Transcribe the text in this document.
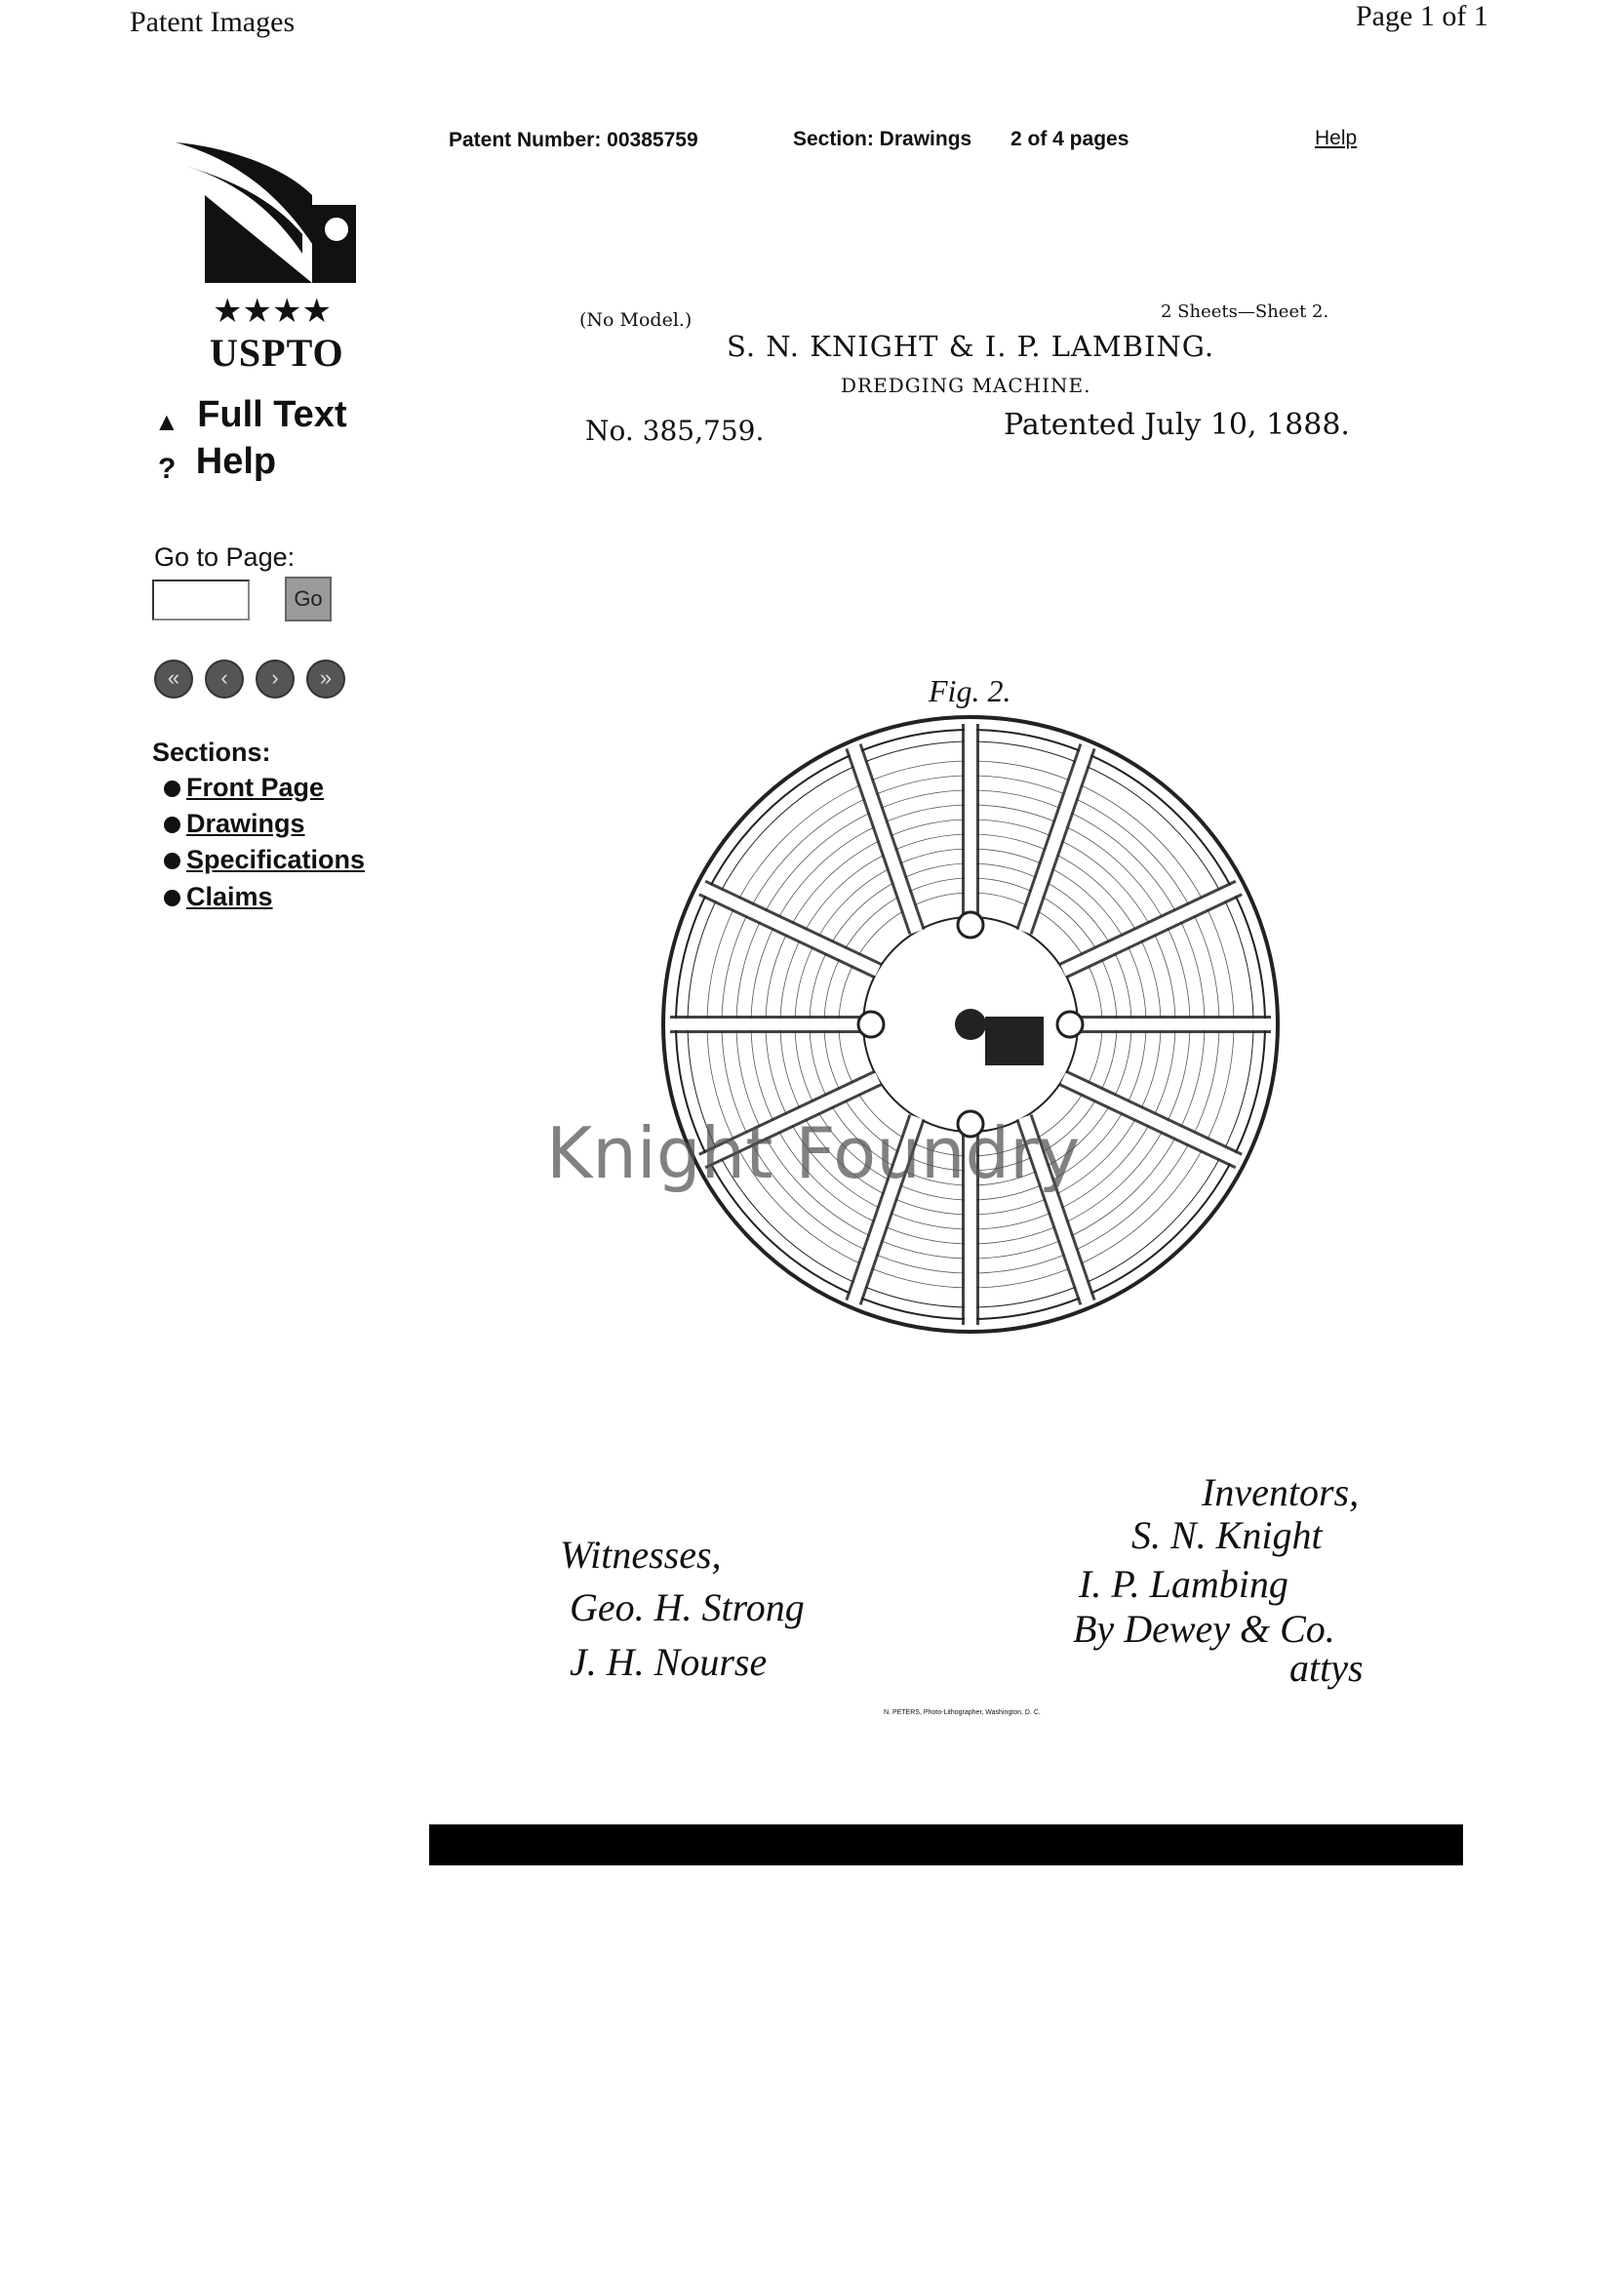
Patent Images	Page 1 of 1
Patent Number: 00385759	Section: Drawings 2 of 4 pages	Help
★★★★
USPTO
▲ Full Text
? Help
Go to Page:
Go
«	‹	›	»
Sections:
Front Page
Drawings
Specifications
Claims
(No Model.)	2 Sheets—Sheet 2.
S. N. KNIGHT & I. P. LAMBING.
DREDGING MACHINE.
No. 385,759.	Patented July 10, 1888.
Fig. 2.
Knight Foundry
Witnesses,
Geo. H. Strong
J. H. Nourse
Inventors,
S. N. Knight
I. P. Lambing
By Dewey & Co.
attys
N. PETERS, Photo-Lithographer, Washington, D. C.
